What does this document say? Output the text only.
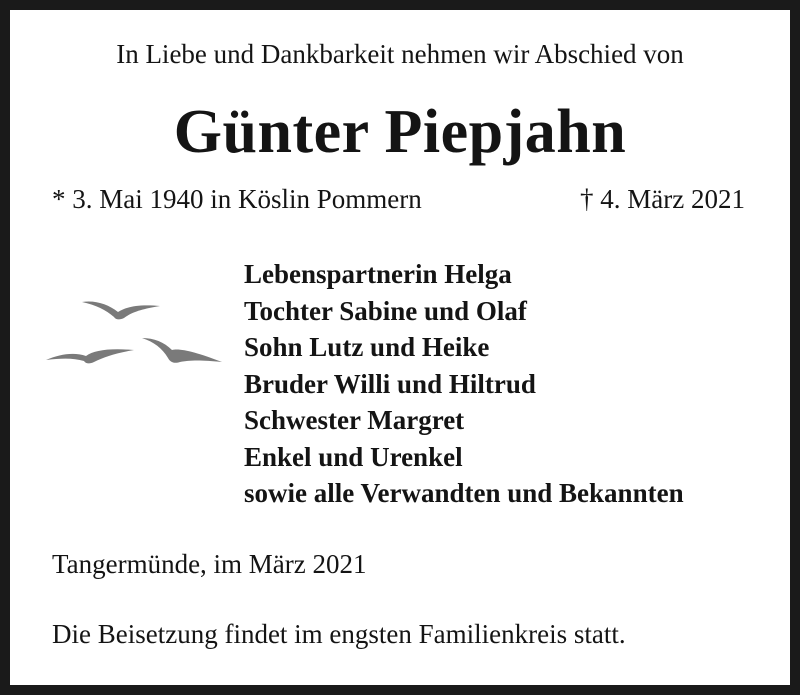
In Liebe und Dankbarkeit nehmen wir Abschied von
Günter Piepjahn
* 3. Mai 1940 in Köslin Pommern	† 4. März 2021
Lebenspartnerin Helga
Tochter Sabine und Olaf
Sohn Lutz und Heike
Bruder Willi und Hiltrud
Schwester Margret
Enkel und Urenkel
sowie alle Verwandten und Bekannten
Tangermünde, im März 2021
Die Beisetzung findet im engsten Familienkreis statt.
